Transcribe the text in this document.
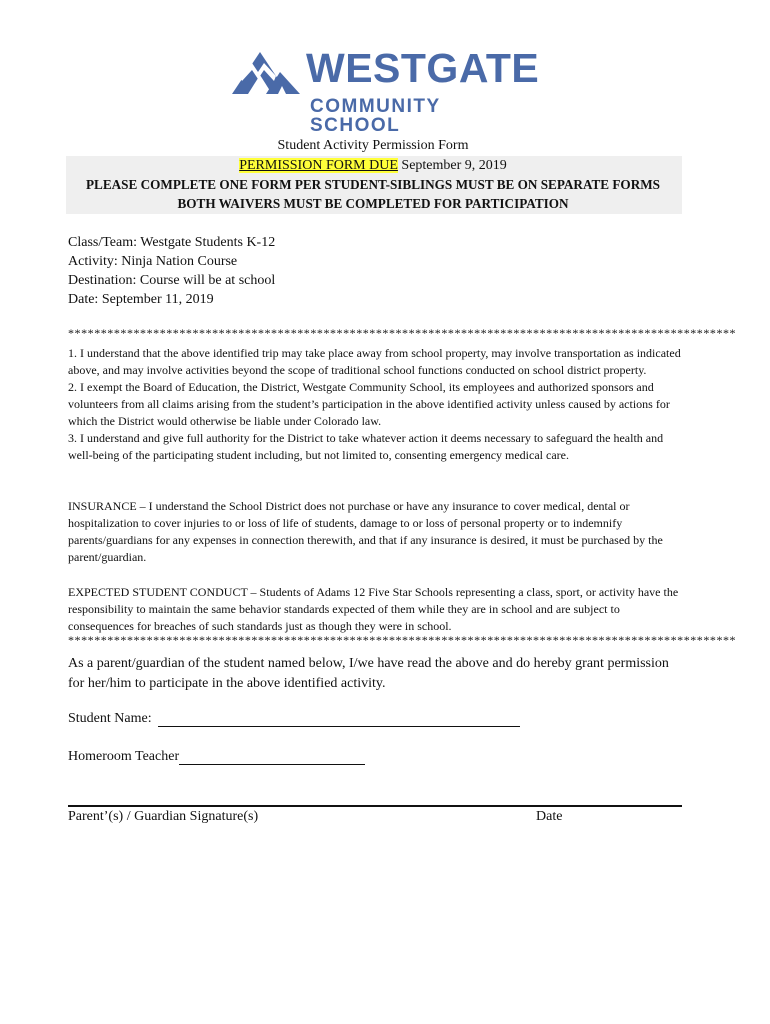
WESTGATE
COMMUNITY SCHOOL
Student Activity Permission Form
PERMISSION FORM DUE September 9, 2019
PLEASE COMPLETE ONE FORM PER STUDENT-SIBLINGS MUST BE ON SEPARATE FORMS
BOTH WAIVERS MUST BE COMPLETED FOR PARTICIPATION
Class/Team: Westgate Students K-12
Activity: Ninja Nation Course
Destination: Course will be at school
Date: September 11, 2019
******************************************************************************************************
1. I understand that the above identified trip may take place away from school property, may involve transportation as indicated above, and may involve activities beyond the scope of traditional school functions conducted on school district property.
2. I exempt the Board of Education, the District, Westgate Community School, its employees and authorized sponsors and volunteers from all claims arising from the student’s participation in the above identified activity unless caused by actions for which the District would otherwise be liable under Colorado law.
3. I understand and give full authority for the District to take whatever action it deems necessary to safeguard the health and well-being of the participating student including, but not limited to, consenting emergency medical care.
INSURANCE – I understand the School District does not purchase or have any insurance to cover medical, dental or hospitalization to cover injuries to or loss of life of students, damage to or loss of personal property or to indemnify parents/guardians for any expenses in connection therewith, and that if any insurance is desired, it must be purchased by the parent/guardian.
EXPECTED STUDENT CONDUCT – Students of Adams 12 Five Star Schools representing a class, sport, or activity have the responsibility to maintain the same behavior standards expected of them while they are in school and are subject to consequences for breaches of such standards just as though they were in school.
******************************************************************************************************
As a parent/guardian of the student named below, I/we have read the above and do hereby grant permission for her/him to participate in the above identified activity.
Student Name:
Homeroom Teacher
Parent’(s) / Guardian Signature(s)	Date
